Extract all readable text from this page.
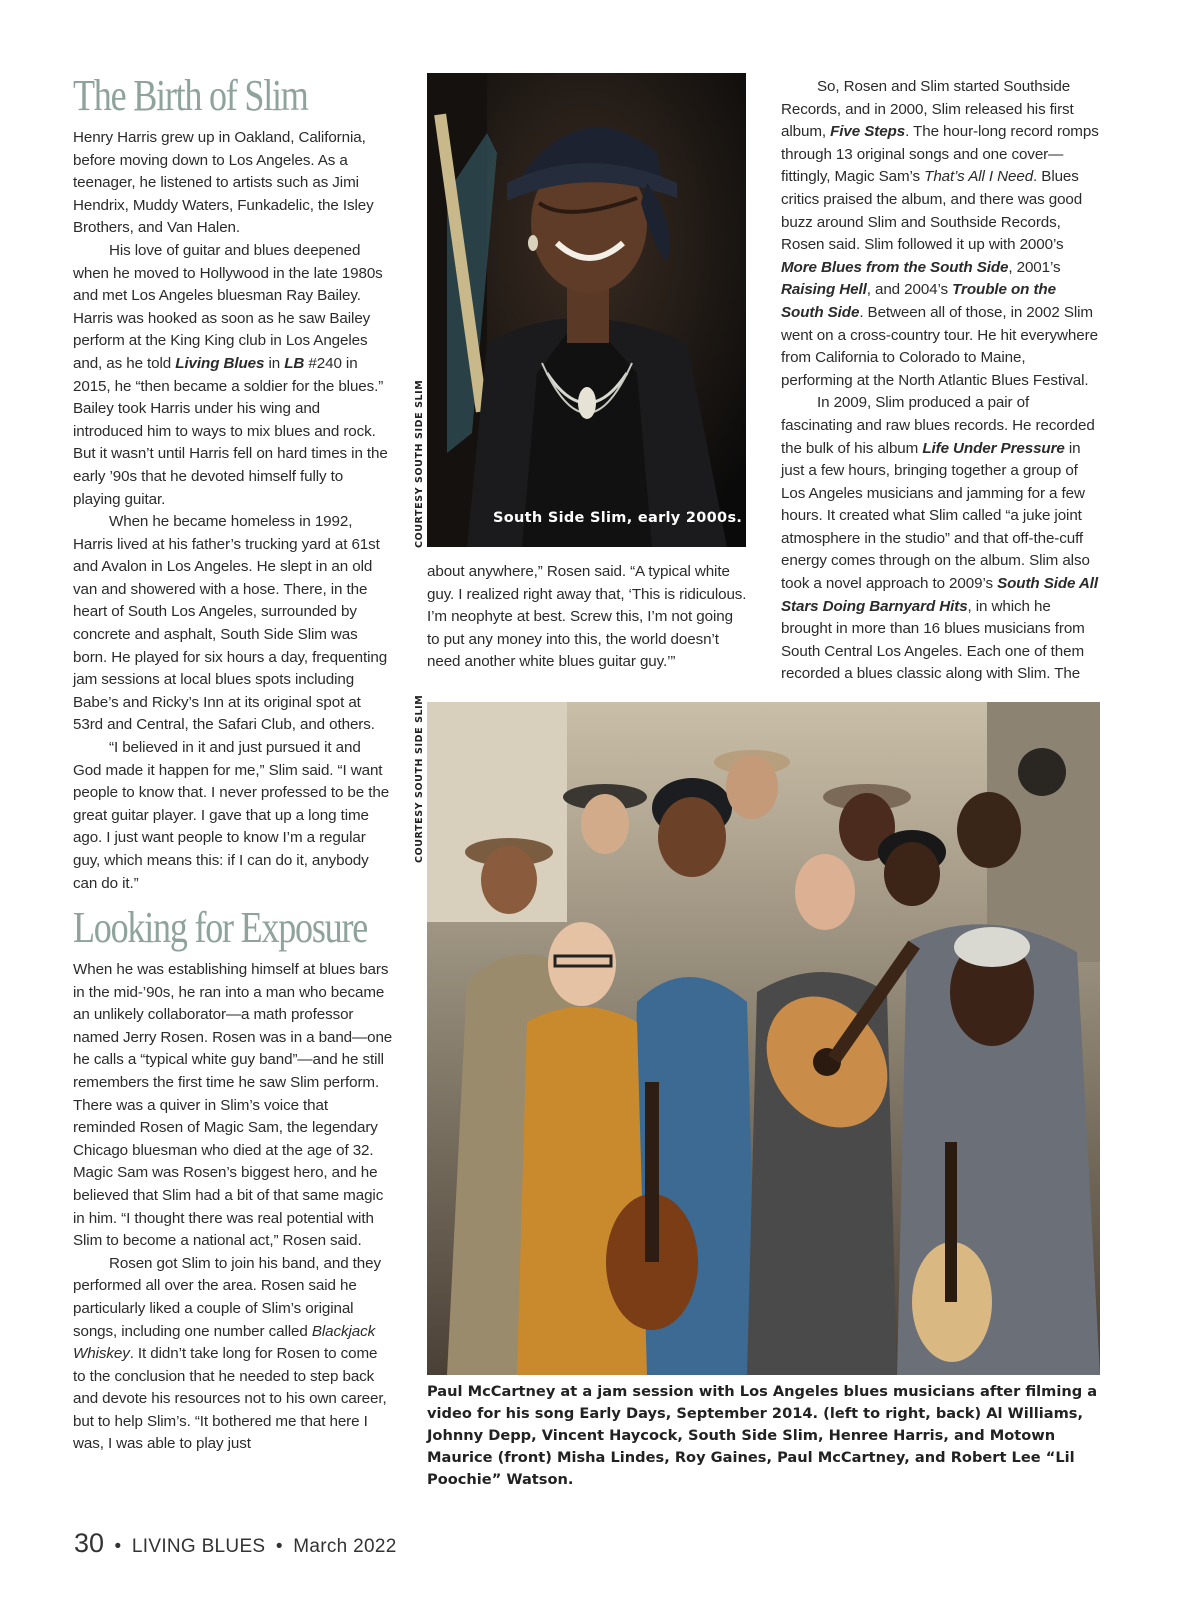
The Birth of Slim

Henry Harris grew up in Oakland, California, before moving down to Los Angeles. As a teenager, he listened to artists such as Jimi Hendrix, Muddy Waters, Funkadelic, the Isley Brothers, and Van Halen.

His love of guitar and blues deepened when he moved to Hollywood in the late 1980s and met Los Angeles bluesman Ray Bailey. Harris was hooked as soon as he saw Bailey perform at the King King club in Los Angeles and, as he told Living Blues in LB #240 in 2015, he “then became a soldier for the blues.” Bailey took Harris under his wing and introduced him to ways to mix blues and rock. But it wasn’t until Harris fell on hard times in the early ’90s that he devoted himself fully to playing guitar.

When he became homeless in 1992, Harris lived at his father’s trucking yard at 61st and Avalon in Los Angeles. He slept in an old van and showered with a hose. There, in the heart of South Los Angeles, surrounded by concrete and asphalt, South Side Slim was born. He played for six hours a day, frequenting jam sessions at local blues spots including Babe’s and Ricky’s Inn at its original spot at 53rd and Central, the Safari Club, and others.

“I believed in it and just pursued it and God made it happen for me,” Slim said. “I want people to know that. I never professed to be the great guitar player. I gave that up a long time ago. I just want people to know I’m a regular guy, which means this: if I can do it, anybody can do it.”

Looking for Exposure

When he was establishing himself at blues bars in the mid-’90s, he ran into a man who became an unlikely collaborator—a math professor named Jerry Rosen. Rosen was in a band—one he calls a “typical white guy band”—and he still remembers the first time he saw Slim perform. There was a quiver in Slim’s voice that reminded Rosen of Magic Sam, the legendary Chicago bluesman who died at the age of 32. Magic Sam was Rosen’s biggest hero, and he believed that Slim had a bit of that same magic in him. “I thought there was real potential with Slim to become a national act,” Rosen said.

Rosen got Slim to join his band, and they performed all over the area. Rosen said he particularly liked a couple of Slim’s original songs, including one number called Blackjack Whiskey. It didn’t take long for Rosen to come to the conclusion that he needed to step back and devote his resources not to his own career, but to help Slim’s. “It bothered me that here I was, I was able to play just

COURTESY SOUTH SIDE SLIM	South Side Slim, early 2000s.
about anywhere,” Rosen said. “A typical white guy. I realized right away that, ‘This is ridiculous. I’m neophyte at best. Screw this, I’m not going to put any money into this, the world doesn’t need another white blues guitar guy.’”

So, Rosen and Slim started Southside Records, and in 2000, Slim released his first album, Five Steps. The hour-long record romps through 13 original songs and one cover—fittingly, Magic Sam’s That’s All I Need. Blues critics praised the album, and there was good buzz around Slim and Southside Records, Rosen said. Slim followed it up with 2000’s More Blues from the South Side, 2001’s Raising Hell, and 2004’s Trouble on the South Side. Between all of those, in 2002 Slim went on a cross-country tour. He hit everywhere from California to Colorado to Maine, performing at the North Atlantic Blues Festival.

In 2009, Slim produced a pair of fascinating and raw blues records. He recorded the bulk of his album Life Under Pressure in just a few hours, bringing together a group of Los Angeles musicians and jamming for a few hours. It created what Slim called “a juke joint atmosphere in the studio” and that off-the-cuff energy comes through on the album. Slim also took a novel approach to 2009’s South Side All Stars Doing Barnyard Hits, in which he brought in more than 16 blues musicians from South Central Los Angeles. Each one of them recorded a blues classic along with Slim. The

COURTESY SOUTH SIDE SLIM

Paul McCartney at a jam session with Los Angeles blues musicians after filming a video for his song Early Days, September 2014. (left to right, back) Al Williams, Johnny Depp, Vincent Haycock, South Side Slim, Henree Harris, and Motown Maurice (front) Misha Lindes, Roy Gaines, Paul McCartney, and Robert Lee “Lil Poochie” Watson.

30 • LIVING BLUES • March 2022
